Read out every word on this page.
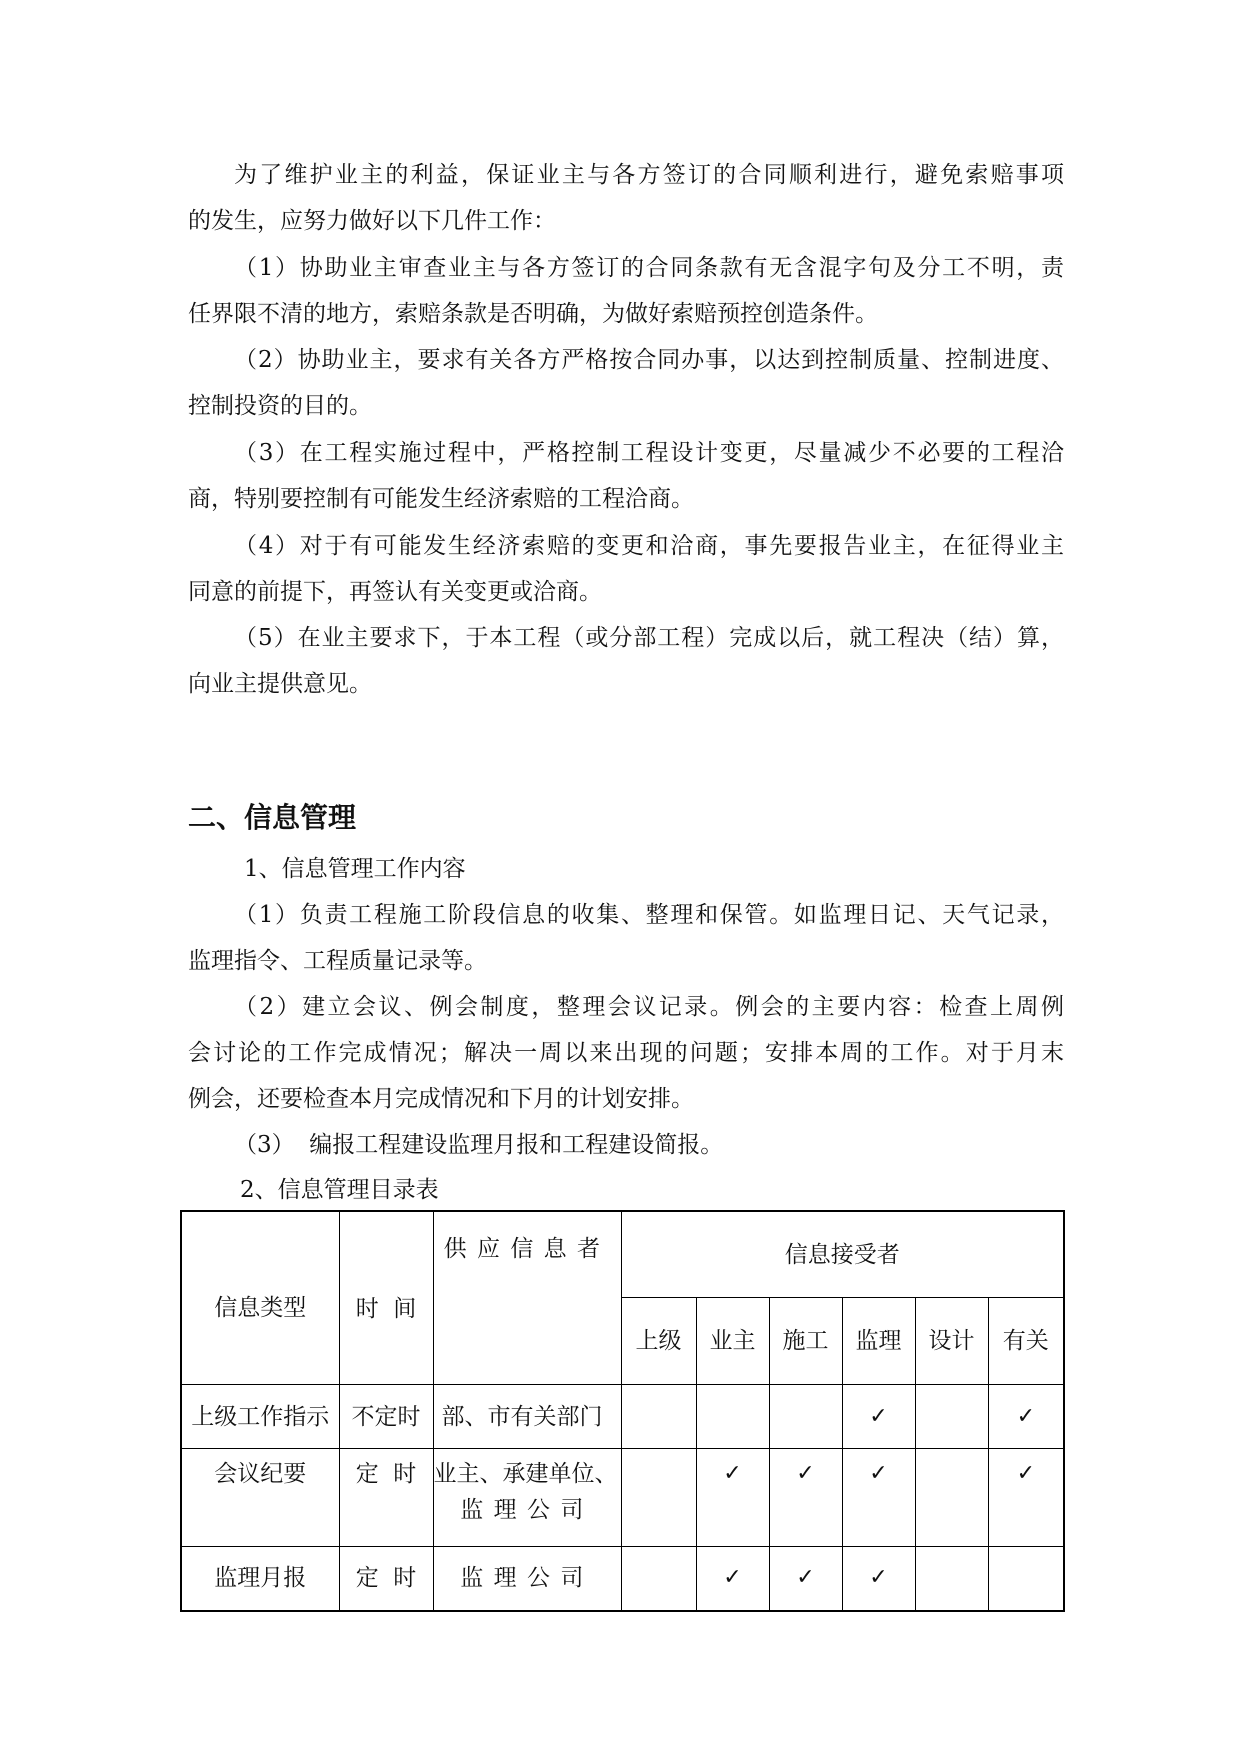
为了维护业主的利益，保证业主与各方签订的合同顺利进行，避免索赔事项
的发生，应努力做好以下几件工作：
（1）协助业主审查业主与各方签订的合同条款有无含混字句及分工不明，责
任界限不清的地方，索赔条款是否明确，为做好索赔预控创造条件。
（2）协助业主，要求有关各方严格按合同办事，以达到控制质量、控制进度、
控制投资的目的。
（3）在工程实施过程中，严格控制工程设计变更，尽量减少不必要的工程洽
商，特别要控制有可能发生经济索赔的工程洽商。
（4）对于有可能发生经济索赔的变更和洽商，事先要报告业主，在征得业主
同意的前提下，再签认有关变更或洽商。
（5）在业主要求下，于本工程（或分部工程）完成以后，就工程决（结）算，
向业主提供意见。
二、信息管理
1、信息管理工作内容
（1）负责工程施工阶段信息的收集、整理和保管。如监理日记、天气记录，
监理指令、工程质量记录等。
（2）建立会议、例会制度，整理会议记录。例会的主要内容：检查上周例
会讨论的工作完成情况；解决一周以来出现的问题；安排本周的工作。对于月末
例会，还要检查本月完成情况和下月的计划安排。
（3）  编报工程建设监理月报和工程建设简报。
2、信息管理目录表
信息类型	时  间	供应信息者	信息接受者					
			上级	业主	施工	监理	设计	有关
上级工作指示	不定时	部、市有关部门				✓		✓
会议纪要	定  时	业主、承建单位、
监理公司		✓	✓	✓		✓
监理月报	定  时	监理公司		✓	✓	✓		
